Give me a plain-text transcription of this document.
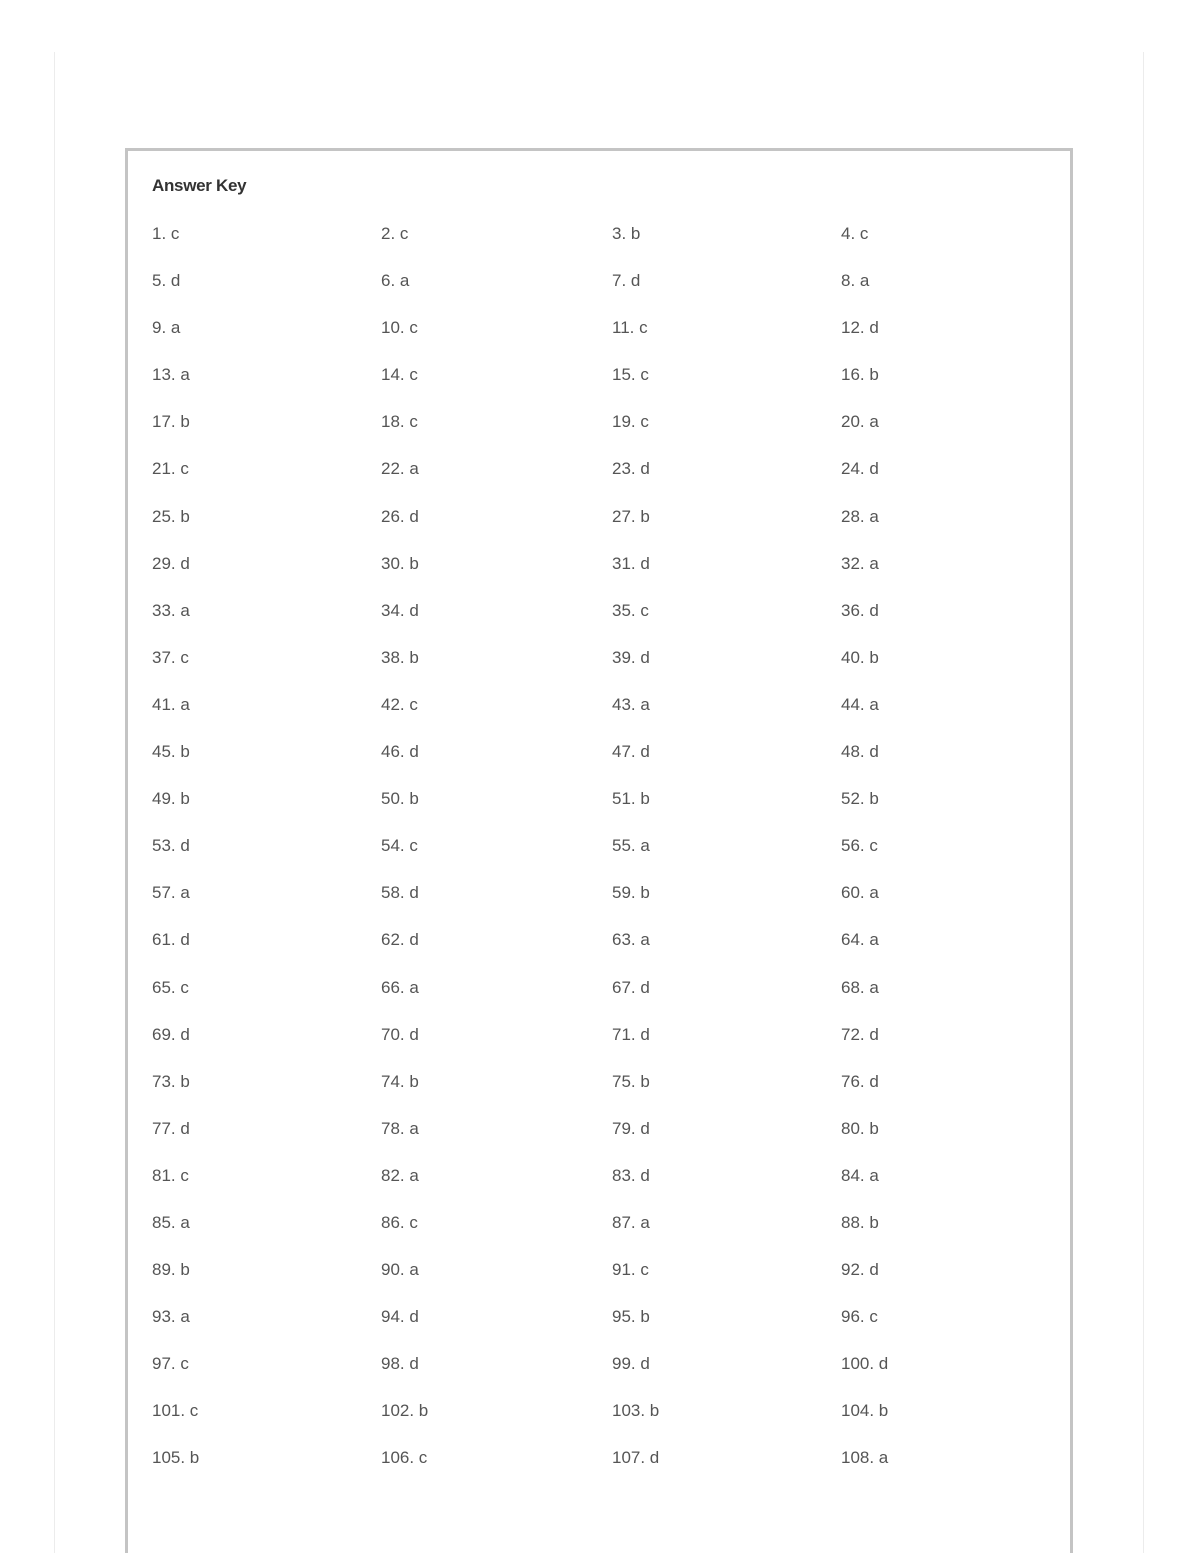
Answer Key
1. c	2. c	3. b	4. c
5. d	6. a	7. d	8. a
9. a	10. c	11. c	12. d
13. a	14. c	15. c	16. b
17. b	18. c	19. c	20. a
21. c	22. a	23. d	24. d
25. b	26. d	27. b	28. a
29. d	30. b	31. d	32. a
33. a	34. d	35. c	36. d
37. c	38. b	39. d	40. b
41. a	42. c	43. a	44. a
45. b	46. d	47. d	48. d
49. b	50. b	51. b	52. b
53. d	54. c	55. a	56. c
57. a	58. d	59. b	60. a
61. d	62. d	63. a	64. a
65. c	66. a	67. d	68. a
69. d	70. d	71. d	72. d
73. b	74. b	75. b	76. d
77. d	78. a	79. d	80. b
81. c	82. a	83. d	84. a
85. a	86. c	87. a	88. b
89. b	90. a	91. c	92. d
93. a	94. d	95. b	96. c
97. c	98. d	99. d	100. d
101. c	102. b	103. b	104. b
105. b	106. c	107. d	108. a
